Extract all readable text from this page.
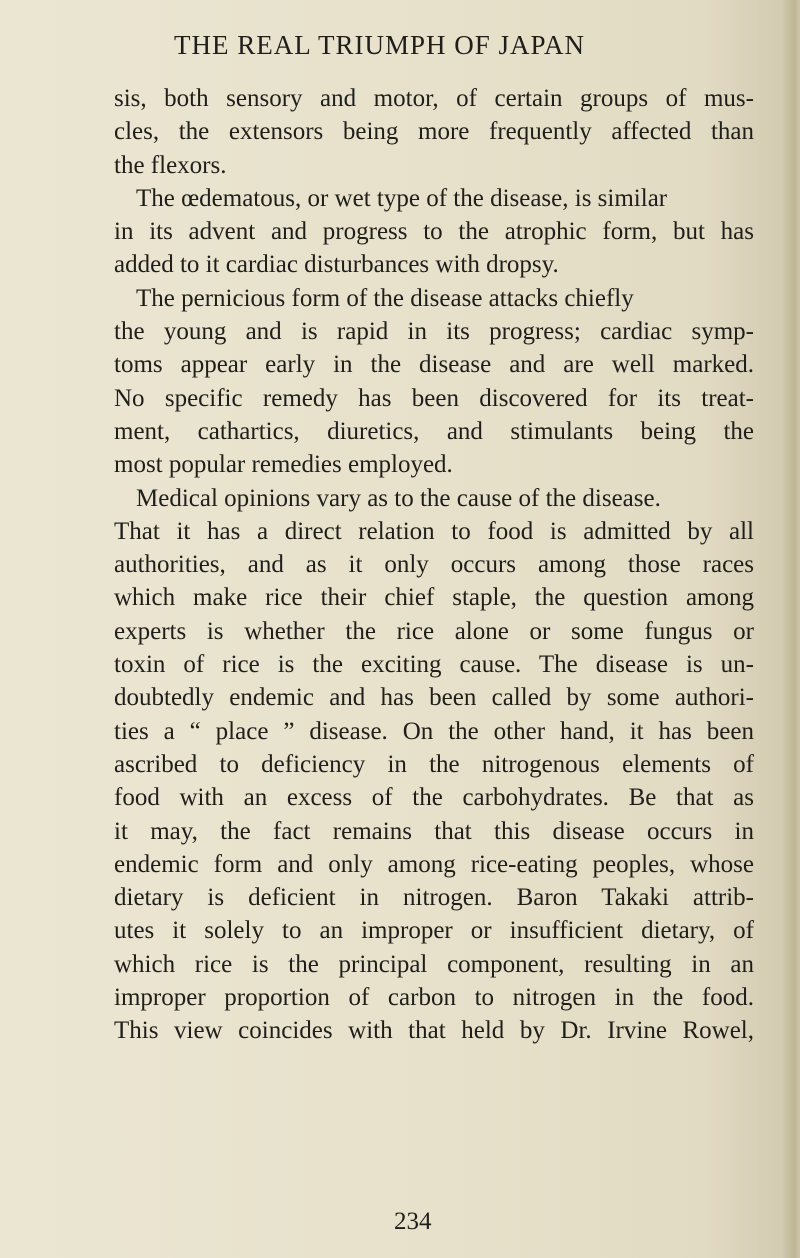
THE REAL TRIUMPH OF JAPAN
sis, both sensory and motor, of certain groups of mus-
cles, the extensors being more frequently affected than
the flexors.
The œdematous, or wet type of the disease, is similar
in its advent and progress to the atrophic form, but has
added to it cardiac disturbances with dropsy.
The pernicious form of the disease attacks chiefly
the young and is rapid in its progress; cardiac symp-
toms appear early in the disease and are well marked.
No specific remedy has been discovered for its treat-
ment, cathartics, diuretics, and stimulants being the
most popular remedies employed.
Medical opinions vary as to the cause of the disease.
That it has a direct relation to food is admitted by all
authorities, and as it only occurs among those races
which make rice their chief staple, the question among
experts is whether the rice alone or some fungus or
toxin of rice is the exciting cause. The disease is un-
doubtedly endemic and has been called by some authori-
ties a “ place ” disease. On the other hand, it has been
ascribed to deficiency in the nitrogenous elements of
food with an excess of the carbohydrates. Be that as
it may, the fact remains that this disease occurs in
endemic form and only among rice-eating peoples, whose
dietary is deficient in nitrogen. Baron Takaki attrib-
utes it solely to an improper or insufficient dietary, of
which rice is the principal component, resulting in an
improper proportion of carbon to nitrogen in the food.
This view coincides with that held by Dr. Irvine Rowel,
234
